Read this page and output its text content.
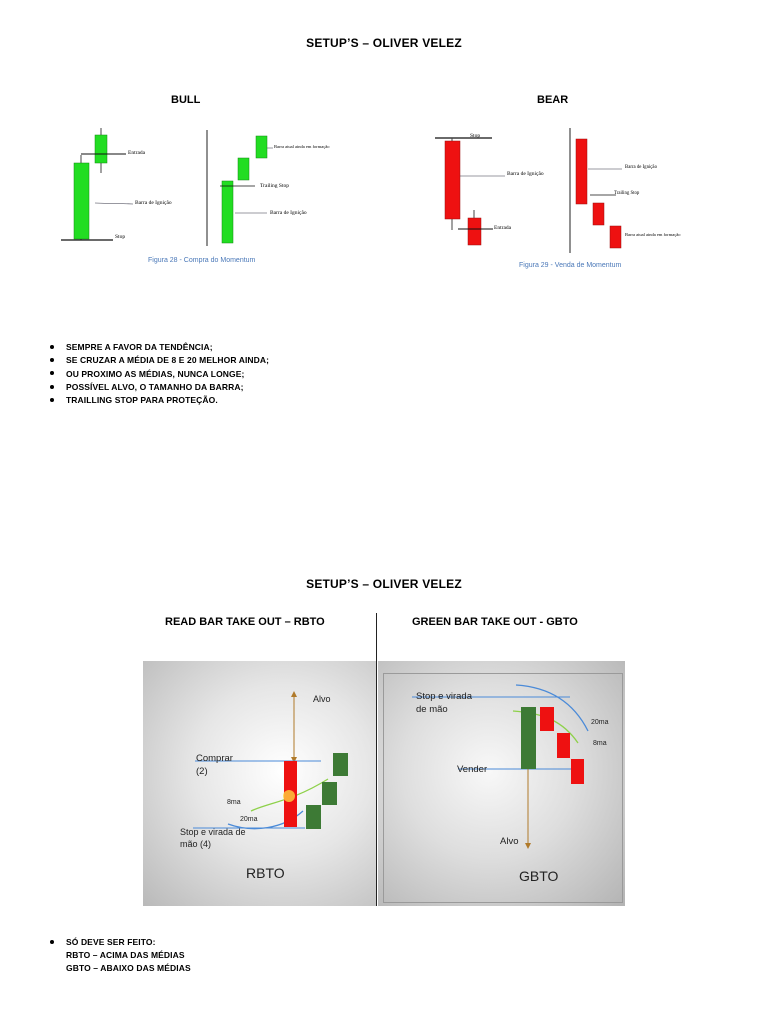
SETUP’S – OLIVER VELEZ
BULL	BEAR
Entrada
Barra de Ignição
Stop
Barra atual ainda em formação
Trailing Stop
Barra de Ignição
Figura 28 - Compra do Momentum
Stop
Barra de Ignição
Entrada
Barra de Ignição
Trailing Stop
Barra atual ainda em formação
Figura 29 - Venda de Momentum
SEMPRE A FAVOR DA TENDÊNCIA;
SE CRUZAR A MÉDIA DE 8 E 20 MELHOR AINDA;
OU PROXIMO AS MÉDIAS, NUNCA LONGE;
POSSÍVEL ALVO, O TAMANHO DA BARRA;
TRAILLING STOP PARA PROTEÇÃO.
SETUP’S – OLIVER VELEZ
READ BAR TAKE OUT – RBTO	GREEN BAR TAKE OUT - GBTO
Alvo
Comprar
(2)
8ma
20ma
Stop e virada de
mão (4)
RBTO
Stop e virada
de mão
20ma
8ma
Vender
Alvo
GBTO
SÓ DEVE SER FEITO:
RBTO – ACIMA DAS MÉDIAS
GBTO – ABAIXO DAS MÉDIAS
